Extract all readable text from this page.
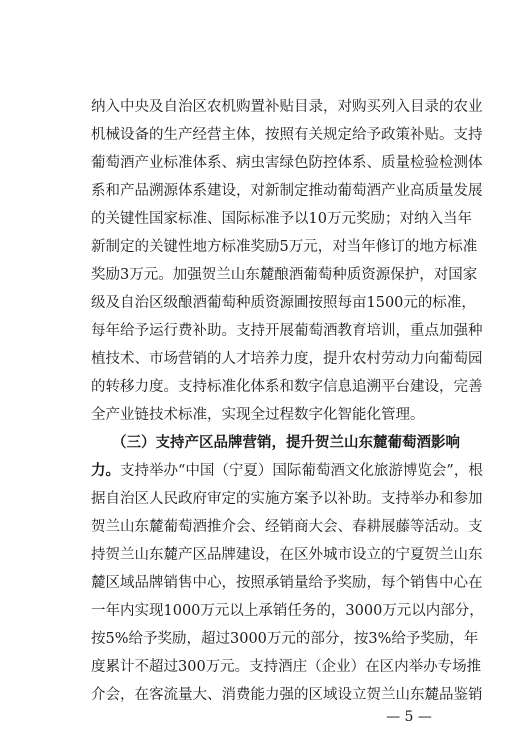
纳入中央及自治区农机购置补贴目录，对购买列入目录的农业
机械设备的生产经营主体，按照有关规定给予政策补贴。支持
葡萄酒产业标准体系、病虫害绿色防控体系、质量检验检测体
系和产品溯源体系建设，对新制定推动葡萄酒产业高质量发展
的关键性国家标准、国际标准予以10万元奖励；对纳入当年
新制定的关键性地方标准奖励5万元，对当年修订的地方标准
奖励3万元。加强贺兰山东麓酿酒葡萄种质资源保护，对国家
级及自治区级酿酒葡萄种质资源圃按照每亩1500元的标准，
每年给予运行费补助。支持开展葡萄酒教育培训，重点加强种
植技术、市场营销的人才培养力度，提升农村劳动力向葡萄园
的转移力度。支持标准化体系和数字信息追溯平台建设，完善
全产业链技术标准，实现全过程数字化智能化管理。
（三）支持产区品牌营销，提升贺兰山东麓葡萄酒影响
力。支持举办“中国（宁夏）国际葡萄酒文化旅游博览会”，根
据自治区人民政府审定的实施方案予以补助。支持举办和参加
贺兰山东麓葡萄酒推介会、经销商大会、春耕展藤等活动。支
持贺兰山东麓产区品牌建设，在区外城市设立的宁夏贺兰山东
麓区域品牌销售中心，按照承销量给予奖励，每个销售中心在
一年内实现1000万元以上承销任务的，3000万元以内部分，
按5%给予奖励，超过3000万元的部分，按3%给予奖励，年
度累计不超过300万元。支持酒庄（企业）在区内举办专场推
介会，在客流量大、消费能力强的区域设立贺兰山东麓品鉴销
— 5 —
